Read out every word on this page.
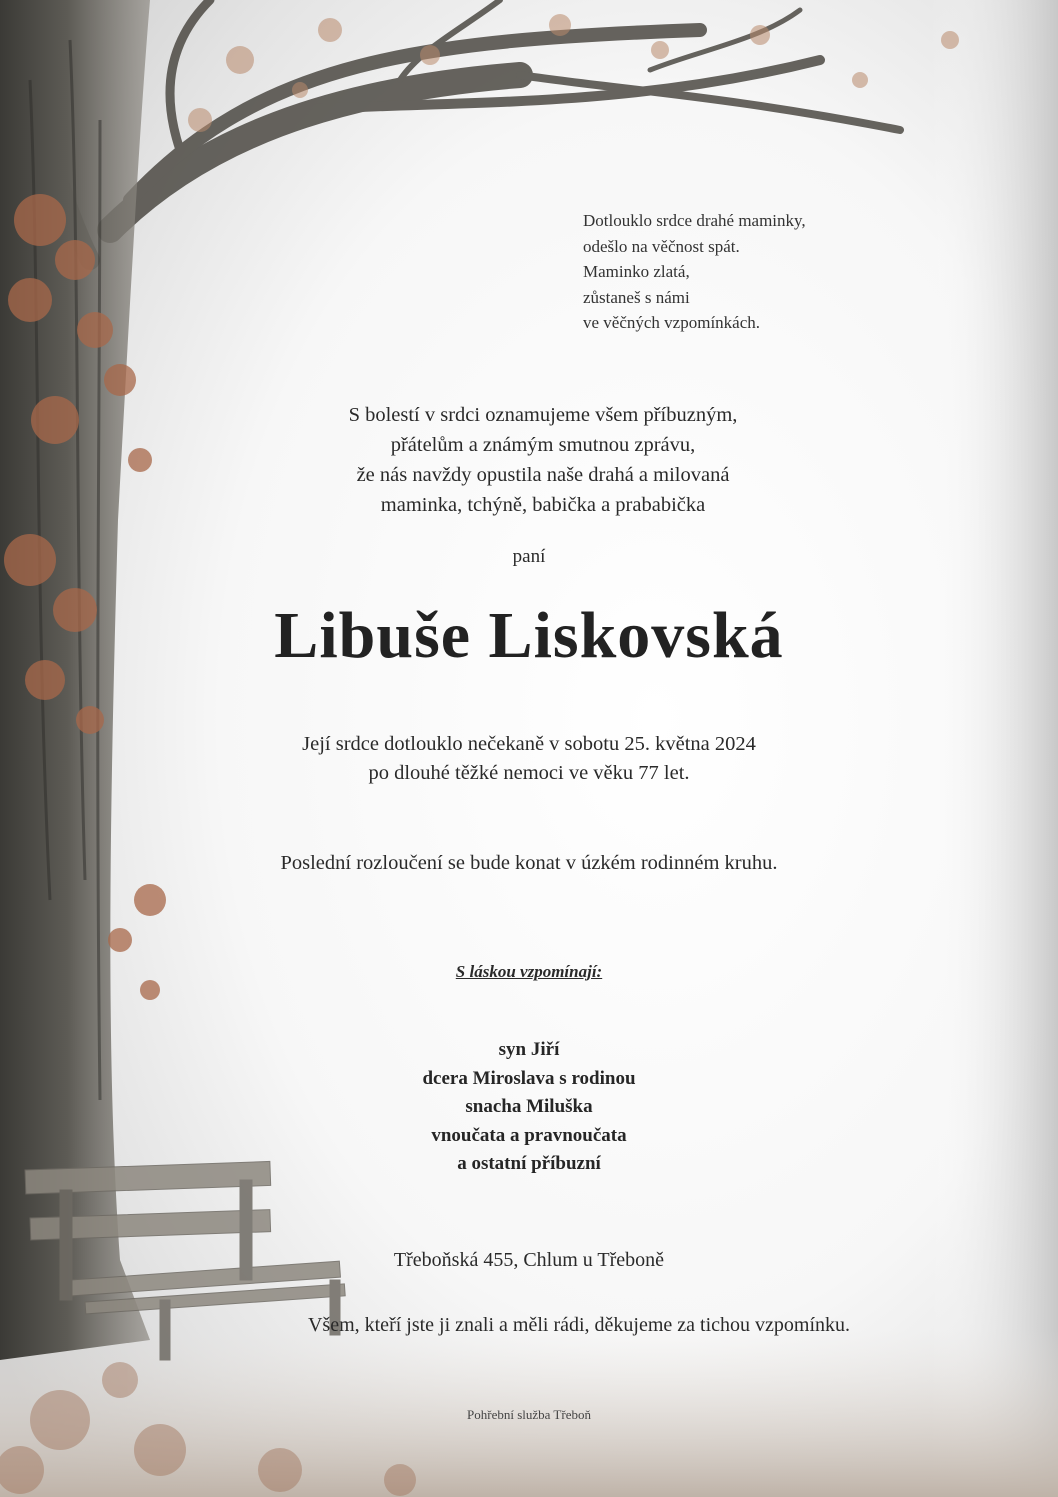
Dotlouklo srdce drahé maminky,
odešlo na věčnost spát.
Maminko zlatá,
zůstaneš s námi
ve věčných vzpomínkách.
S bolestí v srdci oznamujeme všem příbuzným,
přátelům a známým smutnou zprávu,
že nás navždy opustila naše drahá a milovaná
maminka, tchýně, babička a prababička
paní
Libuše Liskovská
Její srdce dotlouklo nečekaně v sobotu 25. května 2024
po dlouhé těžké nemoci ve věku 77 let.
Poslední rozloučení se bude konat v úzkém rodinném kruhu.
S láskou vzpomínají:
syn Jiří
dcera Miroslava s rodinou
snacha Miluška
vnoučata a pravnoučata
a ostatní příbuzní
Třeboňská 455, Chlum u Třeboně
Všem, kteří jste ji znali a měli rádi, děkujeme za tichou vzpomínku.
Pohřební služba Třeboň
